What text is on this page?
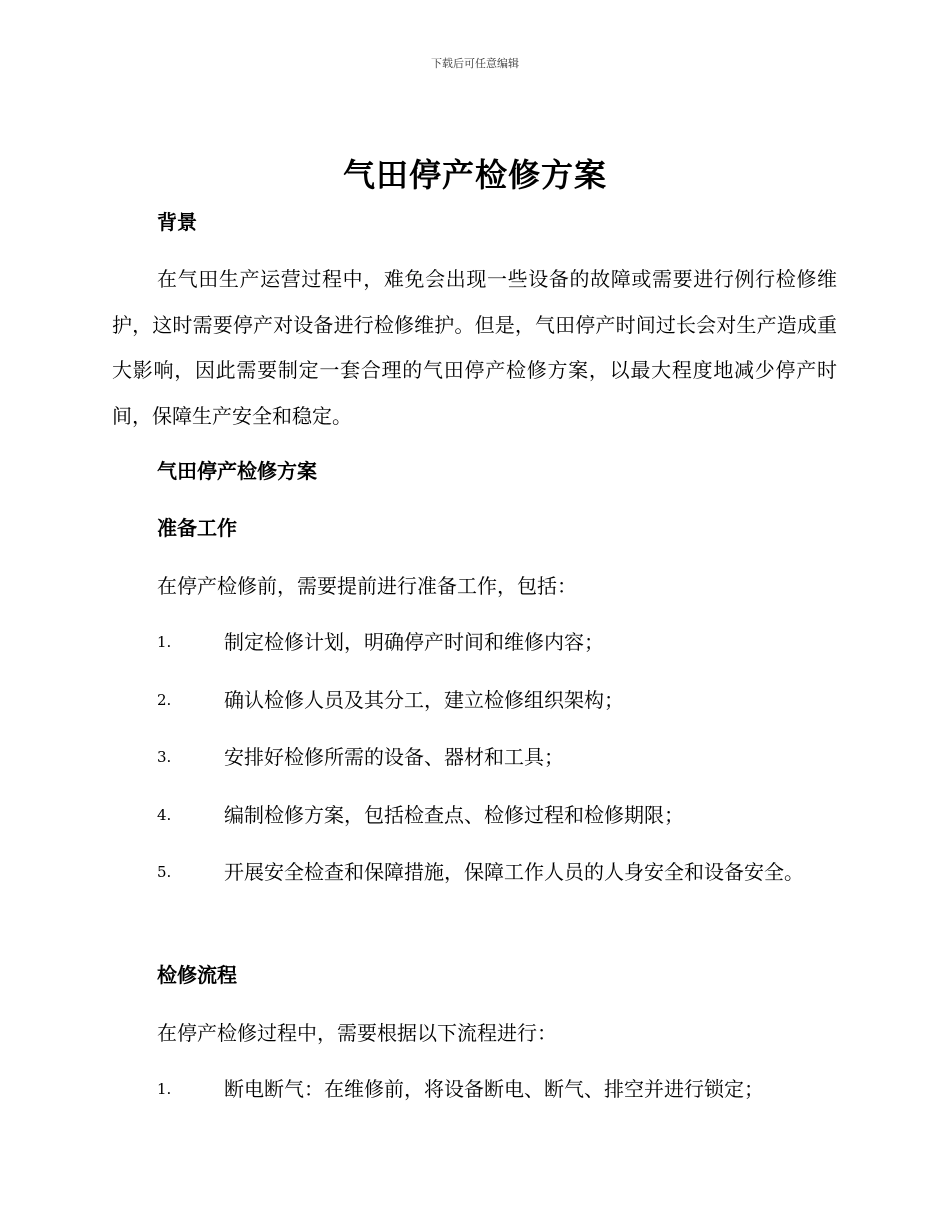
下载后可任意编辑
气田停产检修方案
背景
在气田生产运营过程中，难免会出现一些设备的故障或需要进行例行检修维护，这时需要停产对设备进行检修维护。但是，气田停产时间过长会对生产造成重大影响，因此需要制定一套合理的气田停产检修方案，以最大程度地减少停产时间，保障生产安全和稳定。
气田停产检修方案
准备工作
在停产检修前，需要提前进行准备工作，包括：
1.	制定检修计划，明确停产时间和维修内容；
2.	确认检修人员及其分工，建立检修组织架构；
3.	安排好检修所需的设备、器材和工具；
4.	编制检修方案，包括检查点、检修过程和检修期限；
5.	开展安全检查和保障措施，保障工作人员的人身安全和设备安全。
检修流程
在停产检修过程中，需要根据以下流程进行：
1.	断电断气：在维修前，将设备断电、断气、排空并进行锁定；
